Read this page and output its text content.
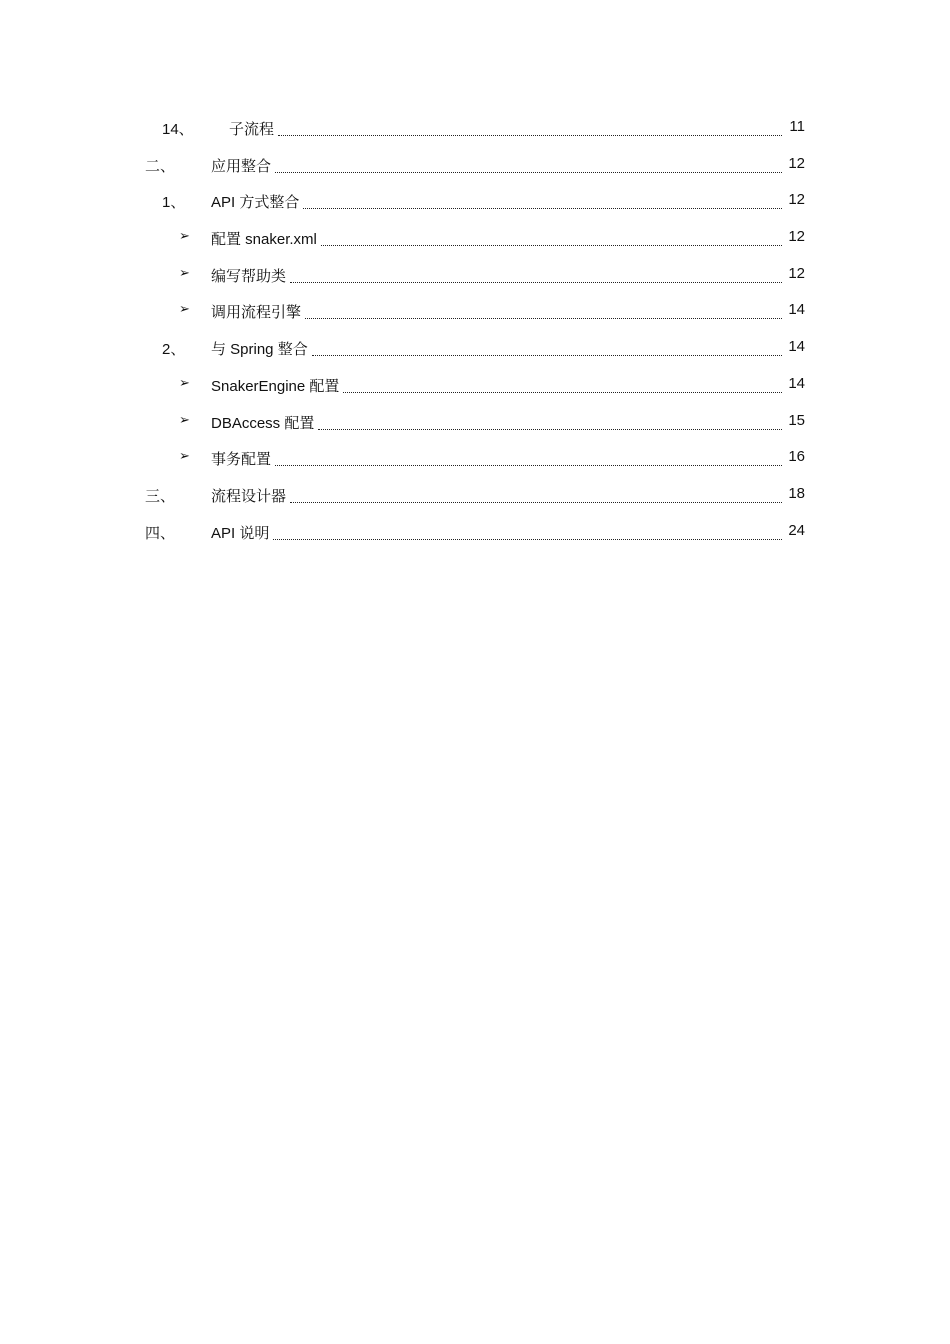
14、 子流程	11
二、 应用整合	12
1、 API 方式整合	12
➢ 配置 snaker.xml	12
➢ 编写帮助类	12
➢ 调用流程引擎	14
2、 与 Spring 整合	14
➢ SnakerEngine 配置	14
➢ DBAccess 配置	15
➢ 事务配置	16
三、 流程设计器	18
四、 API 说明	24
